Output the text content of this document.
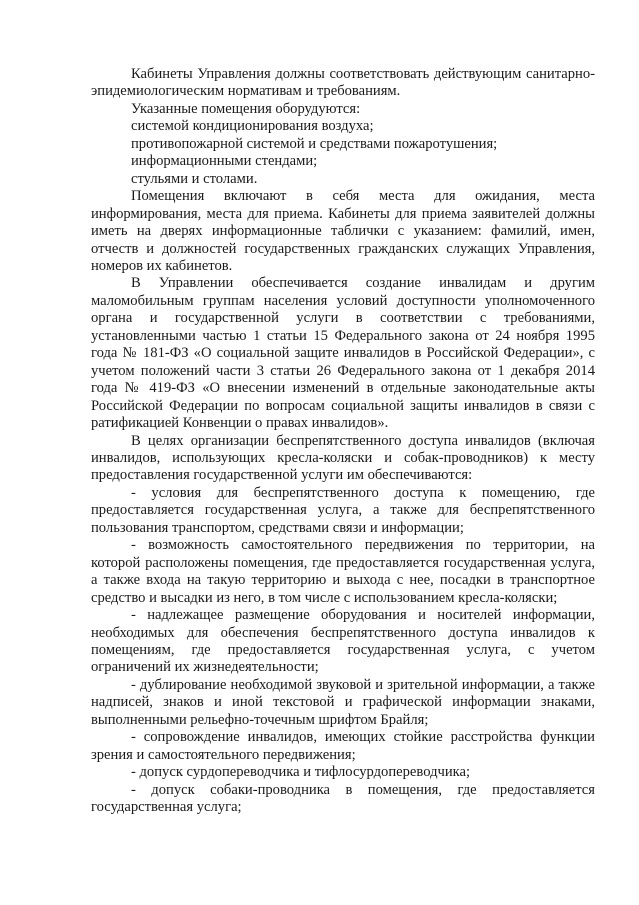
Кабинеты Управления должны соответствовать действующим санитарно-эпидемиологическим нормативам и требованиям.

Указанные помещения оборудуются:

системой кондиционирования воздуха;

противопожарной системой и средствами пожаротушения;

информационными стендами;

стульями и столами.

Помещения включают в себя места для ожидания, места информирования, места для приема. Кабинеты для приема заявителей должны иметь на дверях информационные таблички с указанием: фамилий, имен, отчеств и должностей государственных гражданских служащих Управления, номеров их кабинетов.

В Управлении обеспечивается создание инвалидам и другим маломобильным группам населения условий доступности уполномоченного органа и государственной услуги в соответствии с требованиями, установленными частью 1 статьи 15 Федерального закона от 24 ноября 1995 года № 181-ФЗ «О социальной защите инвалидов в Российской Федерации», с учетом положений части 3 статьи 26 Федерального закона от 1 декабря 2014 года № 419-ФЗ «О внесении изменений в отдельные законодательные акты Российской Федерации по вопросам социальной защиты инвалидов в связи с ратификацией Конвенции о правах инвалидов».

В целях организации беспрепятственного доступа инвалидов (включая инвалидов, использующих кресла-коляски и собак-проводников) к месту предоставления государственной услуги им обеспечиваются:

- условия для беспрепятственного доступа к помещению, где предоставляется государственная услуга, а также для беспрепятственного пользования транспортом, средствами связи и информации;

- возможность самостоятельного передвижения по территории, на которой расположены помещения, где предоставляется государственная услуга, а также входа на такую территорию и выхода с нее, посадки в транспортное средство и высадки из него, в том числе с использованием кресла-коляски;

- надлежащее размещение оборудования и носителей информации, необходимых для обеспечения беспрепятственного доступа инвалидов к помещениям, где предоставляется государственная услуга, с учетом ограничений их жизнедеятельности;

- дублирование необходимой звуковой и зрительной информации, а также надписей, знаков и иной текстовой и графической информации знаками, выполненными рельефно-точечным шрифтом Брайля;

- сопровождение инвалидов, имеющих стойкие расстройства функции зрения и самостоятельного передвижения;

- допуск сурдопереводчика и тифлосурдопереводчика;

- допуск собаки-проводника в помещения, где предоставляется государственная услуга;
